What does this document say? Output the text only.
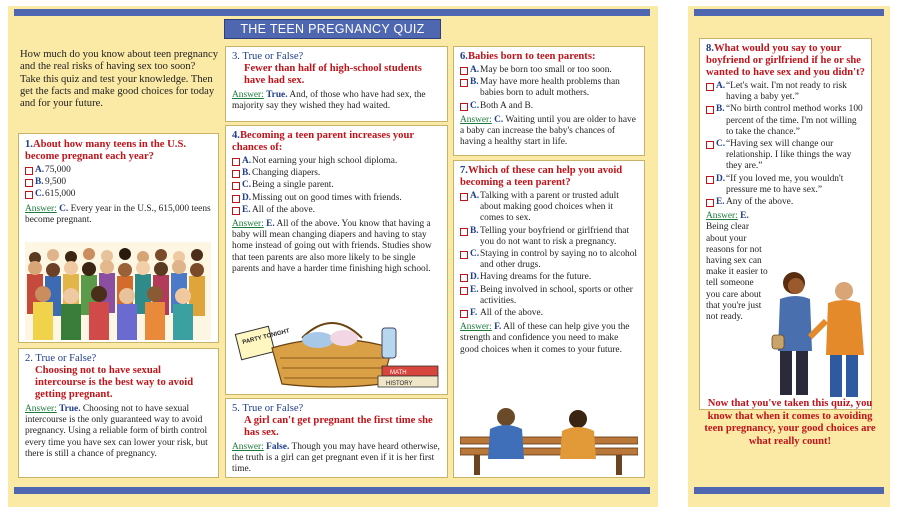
THE TEEN PREGNANCY QUIZ
How much do you know about teen pregnancy and the real risks of having sex too soon? Take this quiz and test your knowledge. Then get the facts and make good choices for today and for your future.
1.About how many teens in the U.S. become pregnant each year?
A. 75,000
B. 9,500
C. 615,000
Answer: C. Every year in the U.S., 615,000 teens become pregnant.
2. True or False?
Choosing not to have sexual intercourse is the best way to avoid getting pregnant.
Answer: True. Choosing not to have sexual intercourse is the only guaranteed way to avoid pregnancy. Using a reliable form of birth control every time you have sex can lower your risk, but there is still a chance of pregnancy.
3. True or False?
Fewer than half of high-school students have had sex.
Answer: True. And, of those who have had sex, the majority say they wished they had waited.
4.Becoming a teen parent increases your chances of:
A. Not earning your high school diploma.
B. Changing diapers.
C. Being a single parent.
D. Missing out on good times with friends.
E. All of the above.
Answer: E. All of the above. You know that having a baby will mean changing diapers and having to stay home instead of going out with friends. Studies show that teen parents are also more likely to be single parents and have a harder time finishing high school.
PARTY TONIGHT
MATH
HISTORY
5. True or False?
A girl can't get pregnant the first time she has sex.
Answer: False. Though you may have heard otherwise, the truth is a girl can get pregnant even if it is her first time.
6.Babies born to teen parents:
A. May be born too small or too soon.
B. May have more health problems than babies born to adult mothers.
C. Both A and B.
Answer: C. Waiting until you are older to have a baby can increase the baby's chances of having a healthy start in life.
7.Which of these can help you avoid becoming a teen parent?
A. Talking with a parent or trusted adult about making good choices when it comes to sex.
B. Telling your boyfriend or girlfriend that you do not want to risk a pregnancy.
C. Staying in control by saying no to alcohol and other drugs.
D. Having dreams for the future.
E. Being involved in school, sports or other activities.
F. All of the above.
Answer: F. All of these can help give you the strength and confidence you need to make good choices when it comes to your future.
8.What would you say to your boyfriend or girlfriend if he or she wanted to have sex and you didn't?
A. “Let's wait. I'm not ready to risk having a baby yet.”
B. “No birth control method works 100 percent of the time. I'm not willing to take the chance.”
C. “Having sex will change our relationship. I like things the way they are.”
D. “If you loved me, you wouldn't pressure me to have sex.”
E. Any of the above.
Answer: E. Being clear about your reasons for not having sex can make it easier to tell someone you care about that you're just not ready.
Now that you've taken this quiz, you know that when it comes to avoiding teen pregnancy, your good choices are what really count!
